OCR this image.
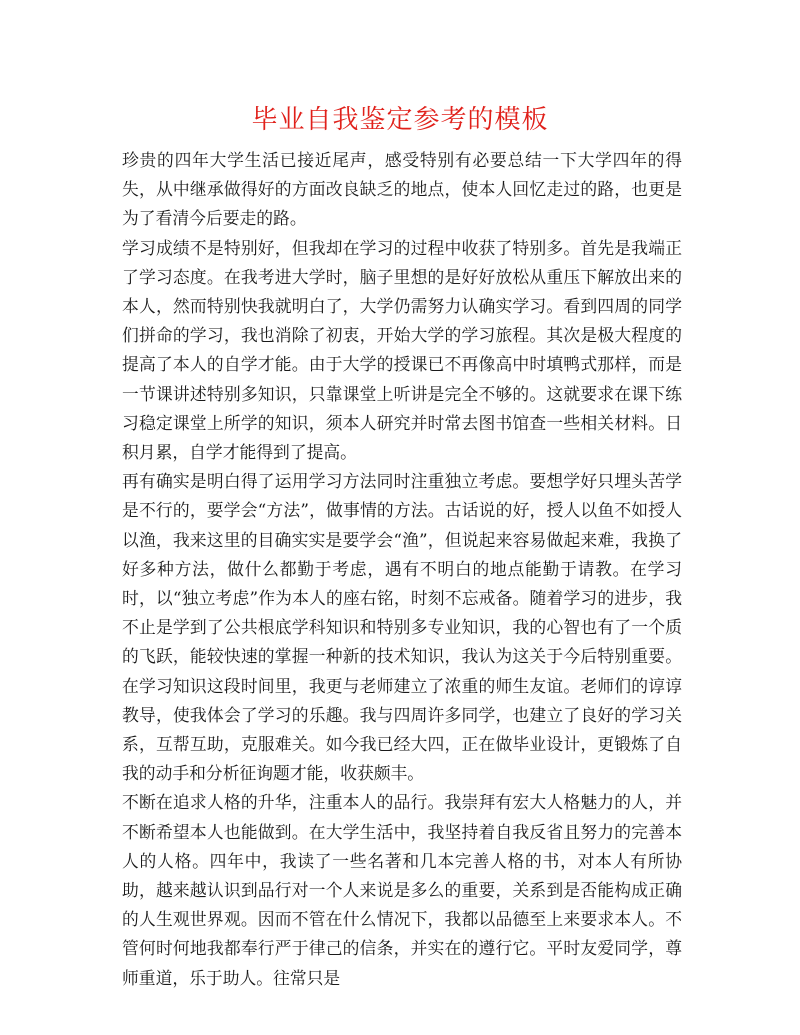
毕业自我鉴定参考的模板

珍贵的四年大学生活已接近尾声，感受特别有必要总结一下大学四年的得失，从中继承做得好的方面改良缺乏的地点，使本人回忆走过的路，也更是为了看清今后要走的路。

学习成绩不是特别好，但我却在学习的过程中收获了特别多。首先是我端正了学习态度。在我考进大学时，脑子里想的是好好放松从重压下解放出来的本人，然而特别快我就明白了，大学仍需努力认确实学习。看到四周的同学们拼命的学习，我也消除了初衷，开始大学的学习旅程。其次是极大程度的提高了本人的自学才能。由于大学的授课已不再像高中时填鸭式那样，而是一节课讲述特别多知识，只靠课堂上听讲是完全不够的。这就要求在课下练习稳定课堂上所学的知识，须本人研究并时常去图书馆查一些相关材料。日积月累，自学才能得到了提高。

再有确实是明白得了运用学习方法同时注重独立考虑。要想学好只埋头苦学是不行的，要学会“方法”，做事情的方法。古话说的好，授人以鱼不如授人以渔，我来这里的目确实实是要学会“渔”，但说起来容易做起来难，我换了好多种方法，做什么都勤于考虑，遇有不明白的地点能勤于请教。在学习时，以“独立考虑”作为本人的座右铭，时刻不忘戒备。随着学习的进步，我不止是学到了公共根底学科知识和特别多专业知识，我的心智也有了一个质的飞跃，能较快速的掌握一种新的技术知识，我认为这关于今后特别重要。在学习知识这段时间里，我更与老师建立了浓重的师生友谊。老师们的谆谆教导，使我体会了学习的乐趣。我与四周许多同学，也建立了良好的学习关系，互帮互助，克服难关。如今我已经大四，正在做毕业设计，更锻炼了自我的动手和分析征询题才能，收获颇丰。

不断在追求人格的升华，注重本人的品行。我崇拜有宏大人格魅力的人，并不断希望本人也能做到。在大学生活中，我坚持着自我反省且努力的完善本人的人格。四年中，我读了一些名著和几本完善人格的书，对本人有所协助，越来越认识到品行对一个人来说是多么的重要，关系到是否能构成正确的人生观世界观。因而不管在什么情况下，我都以品德至上来要求本人。不管何时何地我都奉行严于律己的信条，并实在的遵行它。平时友爱同学，尊师重道，乐于助人。往常只是
